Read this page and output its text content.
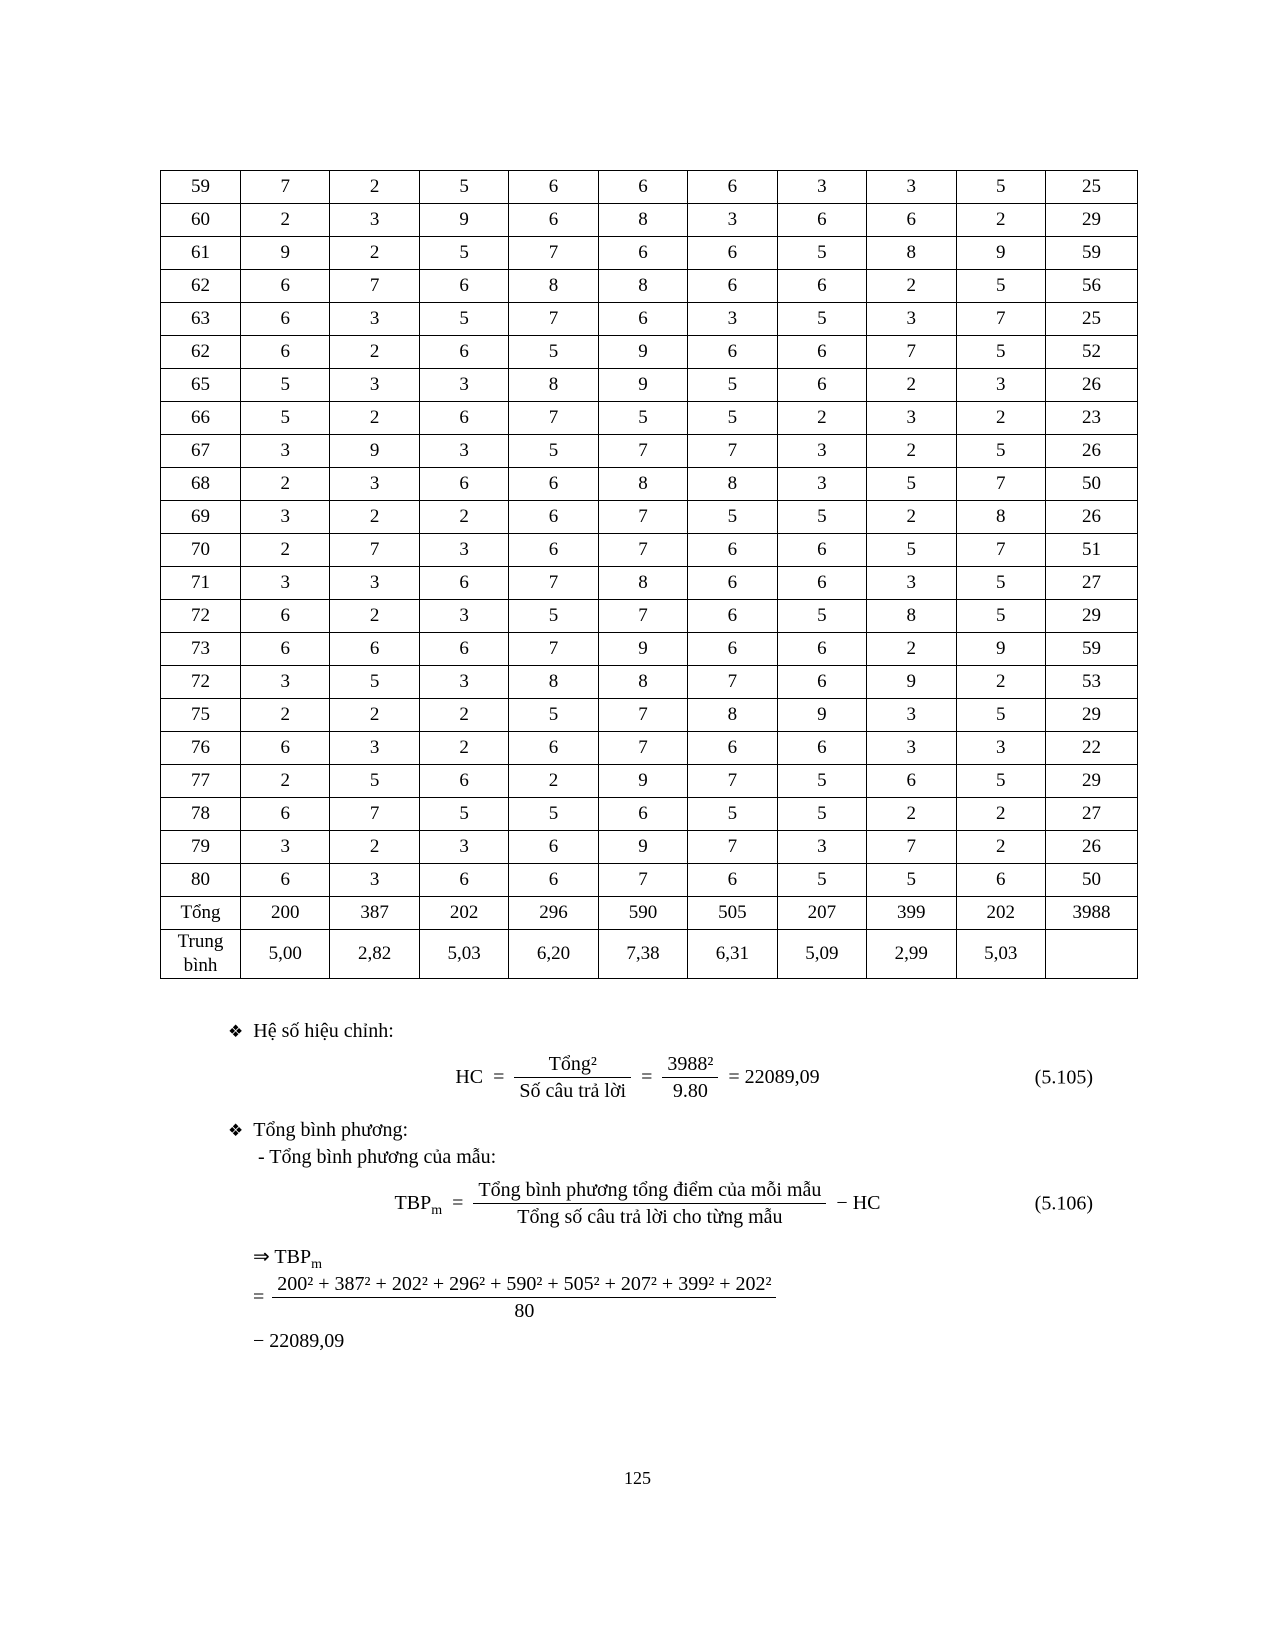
59	7	2	5	6	6	6	3	3	5	25
60	2	3	9	6	8	3	6	6	2	29
61	9	2	5	7	6	6	5	8	9	59
62	6	7	6	8	8	6	6	2	5	56
63	6	3	5	7	6	3	5	3	7	25
62	6	2	6	5	9	6	6	7	5	52
65	5	3	3	8	9	5	6	2	3	26
66	5	2	6	7	5	5	2	3	2	23
67	3	9	3	5	7	7	3	2	5	26
68	2	3	6	6	8	8	3	5	7	50
69	3	2	2	6	7	5	5	2	8	26
70	2	7	3	6	7	6	6	5	7	51
71	3	3	6	7	8	6	6	3	5	27
72	6	2	3	5	7	6	5	8	5	29
73	6	6	6	7	9	6	6	2	9	59
72	3	5	3	8	8	7	6	9	2	53
75	2	2	2	5	7	8	9	3	5	29
76	6	3	2	6	7	6	6	3	3	22
77	2	5	6	2	9	7	5	6	5	29
78	6	7	5	5	6	5	5	2	2	27
79	3	2	3	6	9	7	3	7	2	26
80	6	3	6	6	7	6	5	5	6	50
Tổng	200	387	202	296	590	505	207	399	202	3988
Trung bình	5,00	2,82	5,03	6,20	7,38	6,31	5,09	2,99	5,03	
❖ Hệ số hiệu chỉnh:
HC = $\frac{\text{Tổng²}}{\text{Số câu trả lời}} = \frac{\text{3988²}}{9.80} = 22089,09$	(5.105)
❖ Tổng bình phương:
- Tổng bình phương của mẫu:
$TBP_m = \frac{\text{Tổng bình phương tổng điểm của mỗi mẫu}}{\text{Tổng số câu trả lời cho từng mẫu}}$ − HC	(5.106)
⇒ $TBP_m$
= $\frac{\text{200² + 387² + 202² + 296² + 590² + 505² + 207² + 399² + 202²}}{80}$
− 22089,09
125
